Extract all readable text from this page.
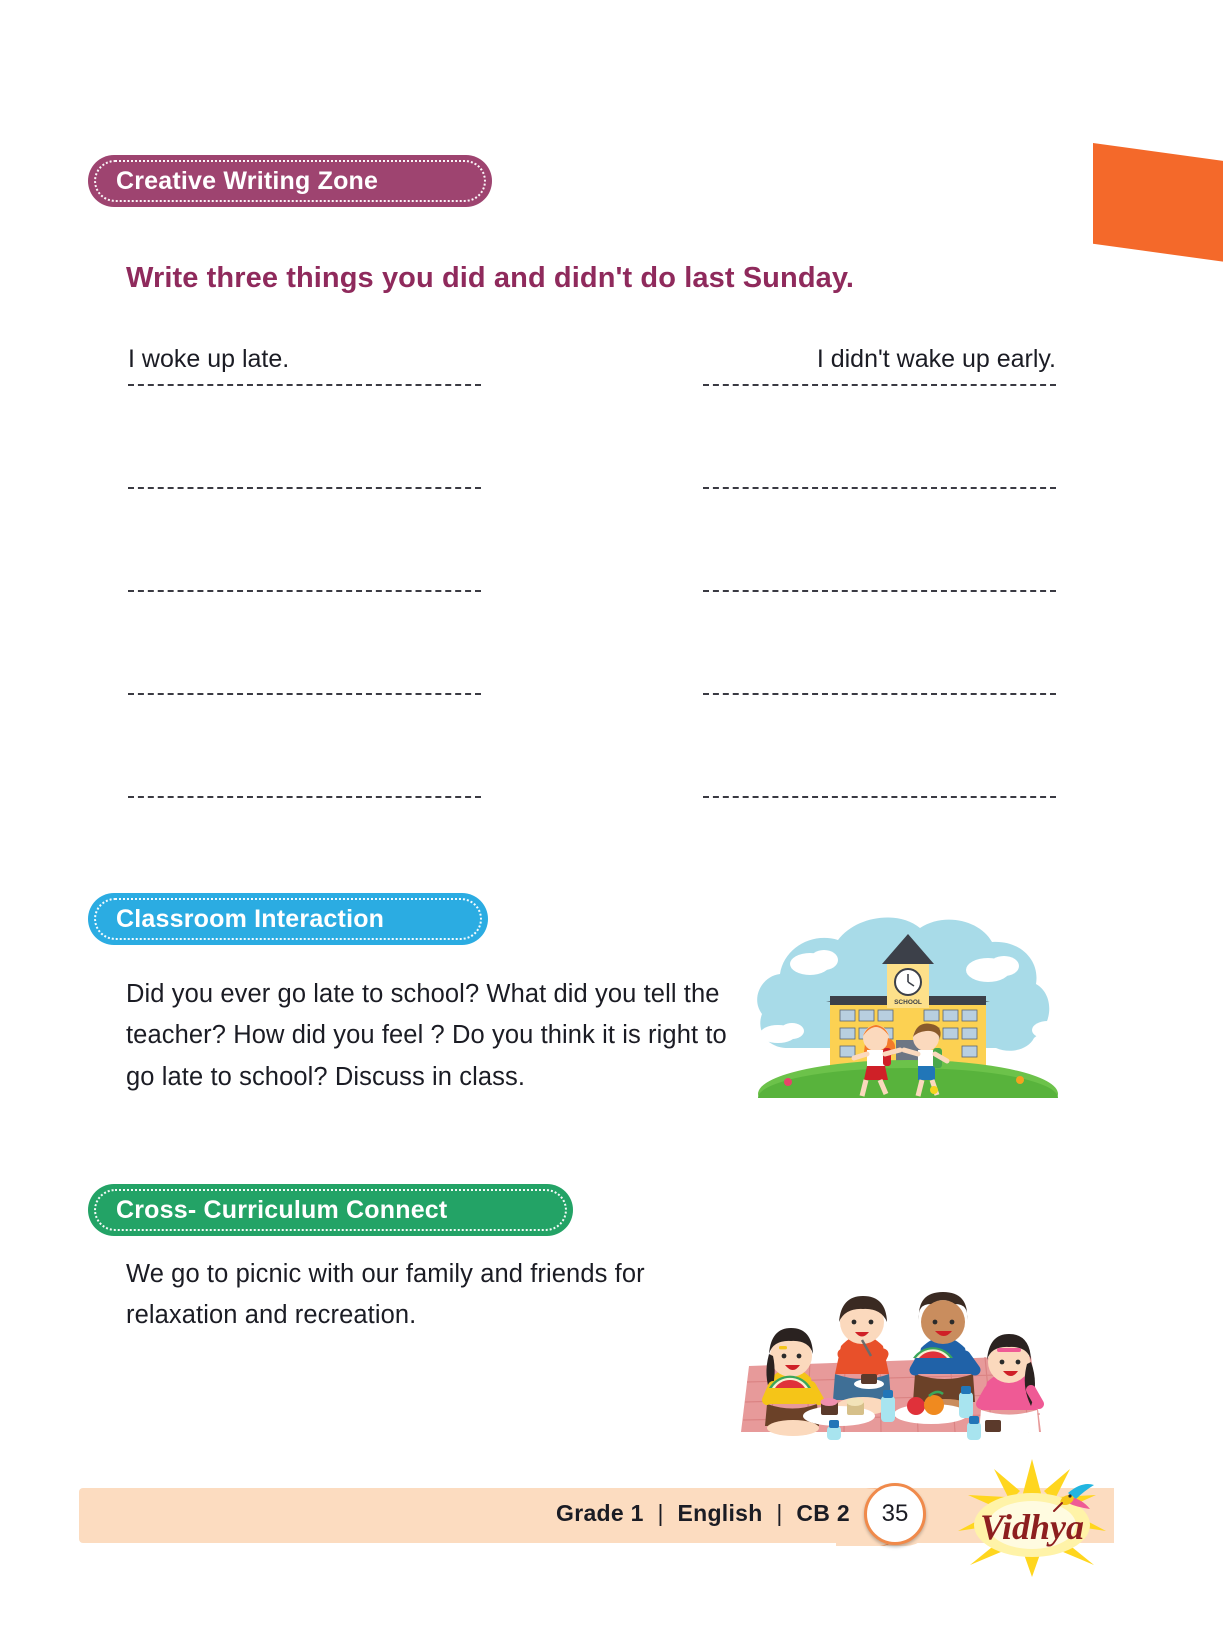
Creative Writing Zone
Write three things you did and didn't do last Sunday.
I woke up late.	I didn't wake up early.
Classroom Interaction
Did you ever go late to school? What did you tell the teacher? How did you feel ? Do you think it is right to go late to school? Discuss in class.
SCHOOL
Cross- Curriculum Connect
We go to picnic with our family and friends for relaxation and recreation.
Grade 1 | English | CB 2	35	Vidhya
